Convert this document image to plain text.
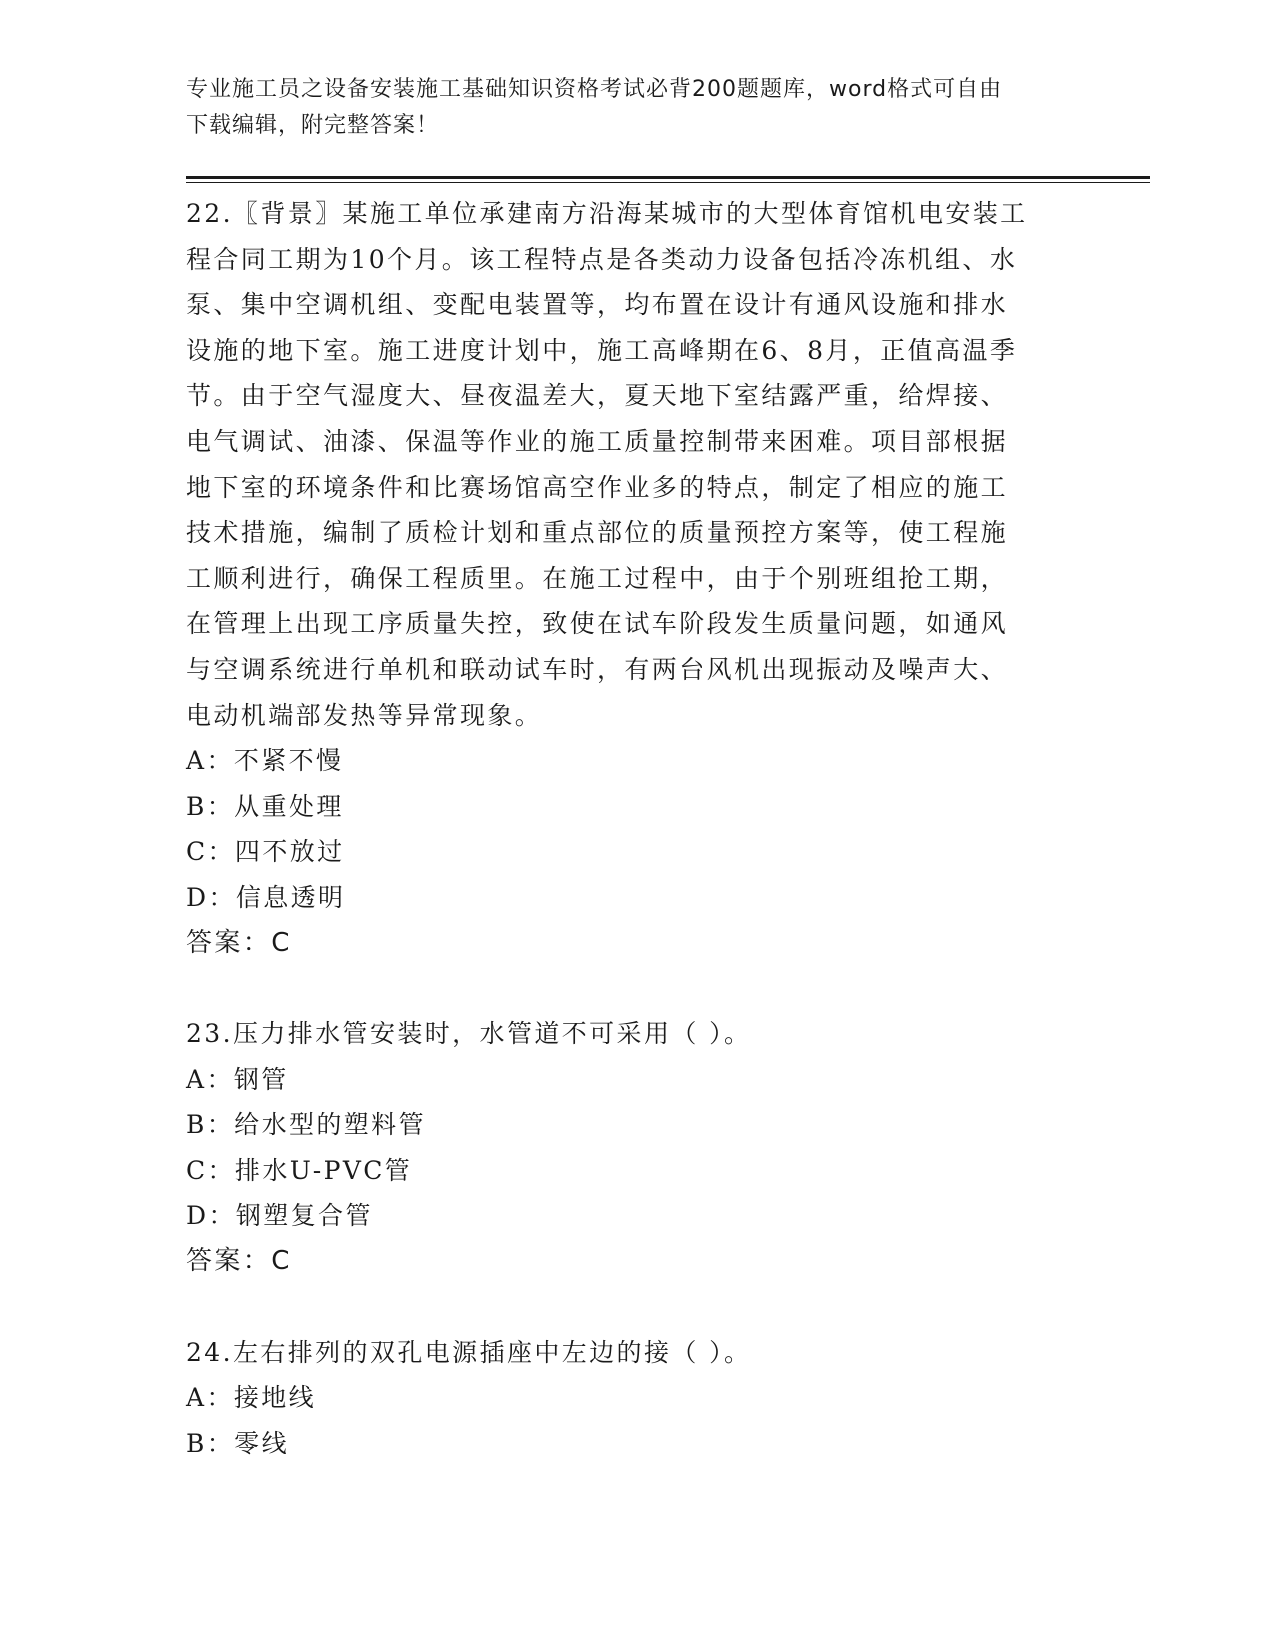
专业施工员之设备安装施工基础知识资格考试必背200题题库，word格式可自由
下载编辑，附完整答案！

22.〖背景〗某施工单位承建南方沿海某城市的大型体育馆机电安装工
程合同工期为10个月。该工程特点是各类动力设备包括冷冻机组、水
泵、集中空调机组、变配电装置等，均布置在设计有通风设施和排水
设施的地下室。施工进度计划中，施工高峰期在6、8月，正值高温季
节。由于空气湿度大、昼夜温差大，夏天地下室结露严重，给焊接、
电气调试、油漆、保温等作业的施工质量控制带来困难。项目部根据
地下室的环境条件和比赛场馆高空作业多的特点，制定了相应的施工
技术措施，编制了质检计划和重点部位的质量预控方案等，使工程施
工顺利进行，确保工程质里。在施工过程中，由于个别班组抢工期，
在管理上出现工序质量失控，致使在试车阶段发生质量问题，如通风
与空调系统进行单机和联动试车时，有两台风机出现振动及噪声大、
电动机端部发热等异常现象。

A：不紧不慢

B：从重处理

C：四不放过

D：信息透明

答案：C

23.压力排水管安装时，水管道不可采用（ ）。

A：钢管

B：给水型的塑料管

C：排水U-PVC管

D：钢塑复合管

答案：C

24.左右排列的双孔电源插座中左边的接（ ）。

A：接地线

B：零线
